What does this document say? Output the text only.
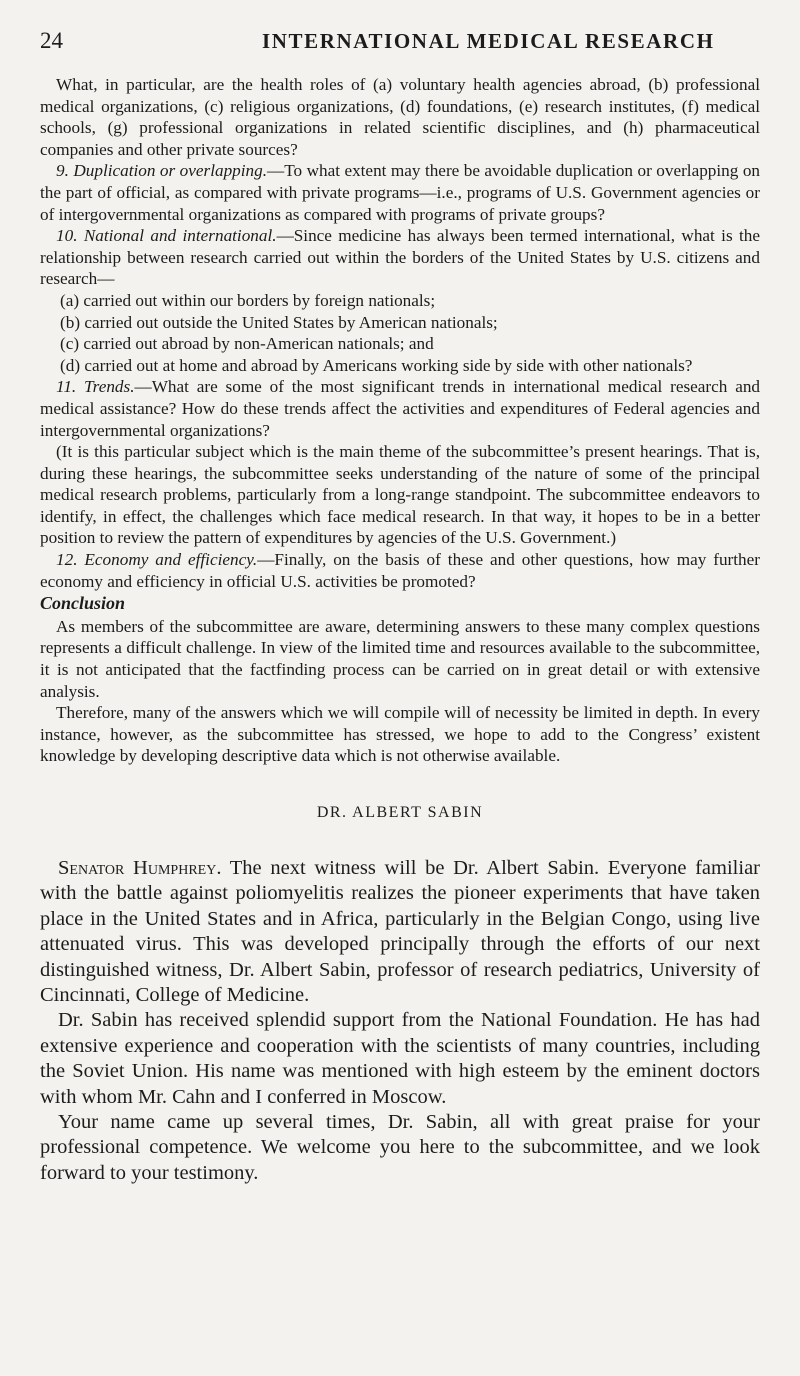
24	INTERNATIONAL MEDICAL RESEARCH

What, in particular, are the health roles of (a) voluntary health agencies abroad, (b) professional medical organizations, (c) religious organizations, (d) foundations, (e) research institutes, (f) medical schools, (g) professional organizations in related scientific disciplines, and (h) pharmaceutical companies and other private sources?

9. Duplication or overlapping.—To what extent may there be avoidable duplication or overlapping on the part of official, as compared with private programs—i.e., programs of U.S. Government agencies or of intergovernmental organizations as compared with programs of private groups?

10. National and international.—Since medicine has always been termed international, what is the relationship between research carried out within the borders of the United States by U.S. citizens and research—

(a) carried out within our borders by foreign nationals;
(b) carried out outside the United States by American nationals;
(c) carried out abroad by non-American nationals; and
(d) carried out at home and abroad by Americans working side by side with other nationals?

11. Trends.—What are some of the most significant trends in international medical research and medical assistance? How do these trends affect the activities and expenditures of Federal agencies and intergovernmental organizations?

(It is this particular subject which is the main theme of the subcommittee’s present hearings. That is, during these hearings, the subcommittee seeks understanding of the nature of some of the principal medical research problems, particularly from a long-range standpoint. The subcommittee endeavors to identify, in effect, the challenges which face medical research. In that way, it hopes to be in a better position to review the pattern of expenditures by agencies of the U.S. Government.)

12. Economy and efficiency.—Finally, on the basis of these and other questions, how may further economy and efficiency in official U.S. activities be promoted?

Conclusion

As members of the subcommittee are aware, determining answers to these many complex questions represents a difficult challenge. In view of the limited time and resources available to the subcommittee, it is not anticipated that the factfinding process can be carried on in great detail or with extensive analysis.

Therefore, many of the answers which we will compile will of necessity be limited in depth. In every instance, however, as the subcommittee has stressed, we hope to add to the Congress’ existent knowledge by developing descriptive data which is not otherwise available.

DR. ALBERT SABIN

Senator Humphrey. The next witness will be Dr. Albert Sabin. Everyone familiar with the battle against poliomyelitis realizes the pioneer experiments that have taken place in the United States and in Africa, particularly in the Belgian Congo, using live attenuated virus. This was developed principally through the efforts of our next distinguished witness, Dr. Albert Sabin, professor of research pediatrics, University of Cincinnati, College of Medicine.

Dr. Sabin has received splendid support from the National Foundation. He has had extensive experience and cooperation with the scientists of many countries, including the Soviet Union. His name was mentioned with high esteem by the eminent doctors with whom Mr. Cahn and I conferred in Moscow.

Your name came up several times, Dr. Sabin, all with great praise for your professional competence. We welcome you here to the subcommittee, and we look forward to your testimony.
